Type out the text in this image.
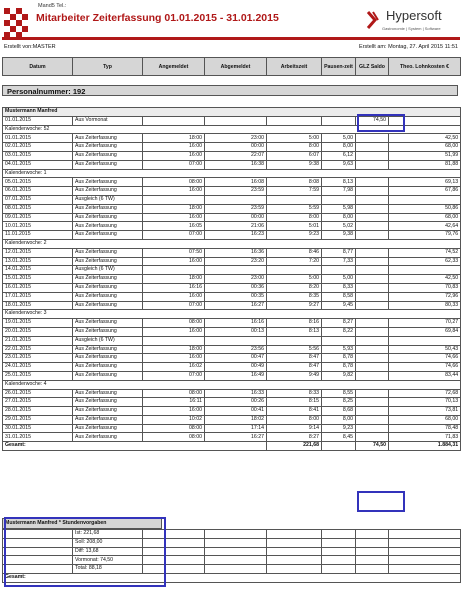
Mand5 Tel.:
Mitarbeiter Zeiterfassung 01.01.2015 - 31.01.2015	Hypersoft
Gastronomie | System | Software
Erstellt von:MASTER	Erstellt am: Montag, 27. April 2015 11:51
Datum	Typ	Angemeldet	Abgemeldet	Arbeitszeit	Pausen-zeit	GLZ Saldo	Theo. Lohnkosten €
Personalnummer: 192
Mustermann Manfred							
01.01.2015	Aus Vormonat					74,50	
Kalenderwoche: 52							
01.01.2015	Aus Zeiterfassung	18:00	23:00	5:00	5,00		42,50
02.01.2015	Aus Zeiterfassung	16:00	00:00	8:00	8,00		68,00
03.01.2015	Aus Zeiterfassung	16:00	22:07	6:07	6,12		51,99
04.01.2015	Aus Zeiterfassung	07:00	16:38	9:38	9,63		81,88
Kalenderwoche: 1							
05.01.2015	Aus Zeiterfassung	08:00	16:08	8:08	8,13		69,13
06.01.2015	Aus Zeiterfassung	16:00	23:59	7:59	7,98		67,86
07.01.2015	Ausgleich (6 TW)						
08.01.2015	Aus Zeiterfassung	18:00	23:59	5:59	5,98		50,86
09.01.2015	Aus Zeiterfassung	16:00	00:00	8:00	8,00		68,00
10.01.2015	Aus Zeiterfassung	16:05	21:06	5:01	5,02		42,64
11.01.2015	Aus Zeiterfassung	07:00	16:23	9:23	9,38		79,76
Kalenderwoche: 2							
12.01.2015	Aus Zeiterfassung	07:50	16:36	8:46	8,77		74,52
13.01.2015	Aus Zeiterfassung	16:00	23:20	7:20	7,33		62,33
14.01.2015	Ausgleich (6 TW)						
15.01.2015	Aus Zeiterfassung	18:00	23:00	5:00	5,00		42,50
16.01.2015	Aus Zeiterfassung	16:16	00:36	8:20	8,33		70,83
17.01.2015	Aus Zeiterfassung	16:00	00:35	8:35	8,58		72,96
18.01.2015	Aus Zeiterfassung	07:00	16:27	9:27	9,45		80,33
Kalenderwoche: 3							
19.01.2015	Aus Zeiterfassung	08:00	16:16	8:16	8,27		70,27
20.01.2015	Aus Zeiterfassung	16:00	00:13	8:13	8,22		69,84
21.01.2015	Ausgleich (6 TW)						
22.01.2015	Aus Zeiterfassung	18:00	23:56	5:56	5,93		50,43
23.01.2015	Aus Zeiterfassung	16:00	00:47	8:47	8,78		74,66
24.01.2015	Aus Zeiterfassung	16:02	00:49	8:47	8,78		74,66
25.01.2015	Aus Zeiterfassung	07:00	16:49	9:49	9,82		83,44
Kalenderwoche: 4							
26.01.2015	Aus Zeiterfassung	08:00	16:33	8:33	8,55		72,68
27.01.2015	Aus Zeiterfassung	16:11	00:26	8:15	8,25		70,13
28.01.2015	Aus Zeiterfassung	16:00	00:41	8:41	8,68		73,81
29.01.2015	Aus Zeiterfassung	10:02	18:02	8:00	8,00		68,00
30.01.2015	Aus Zeiterfassung	08:00	17:14	9:14	9,23		78,48
31.01.2015	Aus Zeiterfassung	08:00	16:27	8:27	8,45		71,83
Gesamt:				221,68		74,50	1.884,31
Mustermann Manfred * Stundenvorgaben
	Ist: 221,68						
	Soll: 208,00						
	Diff: 13,68						
	Vormonat: 74,50						
	Total: 88,18						
Gesamt:							
